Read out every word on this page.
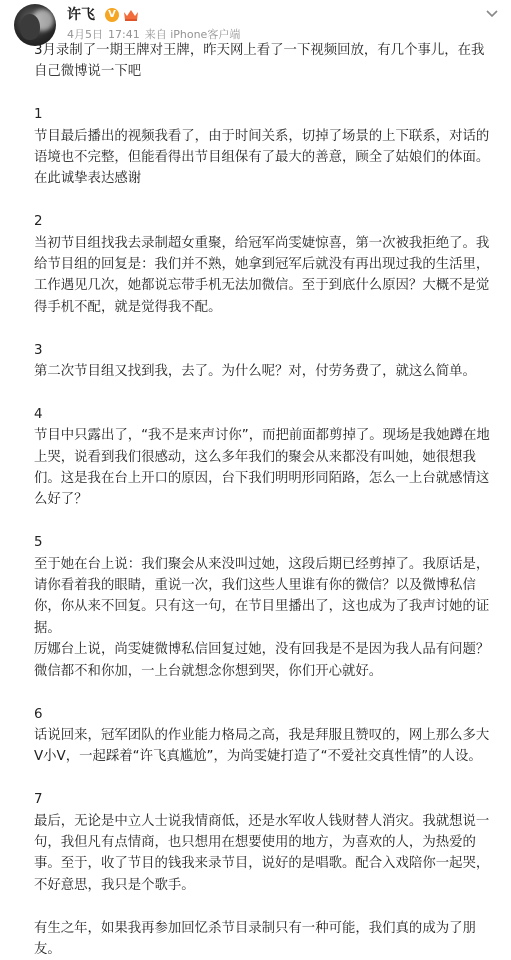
许飞	V
4月5日 17:41 来自 iPhone客户端

3月录制了一期王牌对王牌，昨天网上看了一下视频回放，有几个事儿，在我自己微博说一下吧

1

节目最后播出的视频我看了，由于时间关系，切掉了场景的上下联系，对话的语境也不完整，但能看得出节目组保有了最大的善意，顾全了姑娘们的体面。在此诚挚表达感谢

2

当初节目组找我去录制超女重聚，给冠军尚雯婕惊喜，第一次被我拒绝了。我给节目组的回复是：我们并不熟，她拿到冠军后就没有再出现过我的生活里，工作遇见几次，她都说忘带手机无法加微信。至于到底什么原因？大概不是觉得手机不配，就是觉得我不配。

3

第二次节目组又找到我，去了。为什么呢？对，付劳务费了，就这么简单。

4

节目中只露出了，“我不是来声讨你”，而把前面都剪掉了。现场是我她蹲在地上哭，说看到我们很感动，这么多年我们的聚会从来都没有叫她，她很想我们。这是我在台上开口的原因，台下我们明明形同陌路，怎么一上台就感情这么好了？

5

至于她在台上说：我们聚会从来没叫过她，这段后期已经剪掉了。我原话是，请你看着我的眼睛，重说一次，我们这些人里谁有你的微信？以及微博私信你，你从来不回复。只有这一句，在节目里播出了，这也成为了我声讨她的证据。

厉娜台上说，尚雯婕微博私信回复过她，没有回我是不是因为我人品有问题？微信都不和你加，一上台就想念你想到哭，你们开心就好。

6

话说回来，冠军团队的作业能力格局之高，我是拜服且赞叹的，网上那么多大V小V，一起踩着“许飞真尴尬”，为尚雯婕打造了“不爱社交真性情”的人设。

7

最后，无论是中立人士说我情商低，还是水军收人钱财替人消灾。我就想说一句，我但凡有点情商，也只想用在想要使用的地方，为喜欢的人，为热爱的事。至于，收了节目的钱我来录节目，说好的是唱歌。配合入戏陪你一起哭，不好意思，我只是个歌手。

有生之年，如果我再参加回忆杀节目录制只有一种可能，我们真的成为了朋友。
